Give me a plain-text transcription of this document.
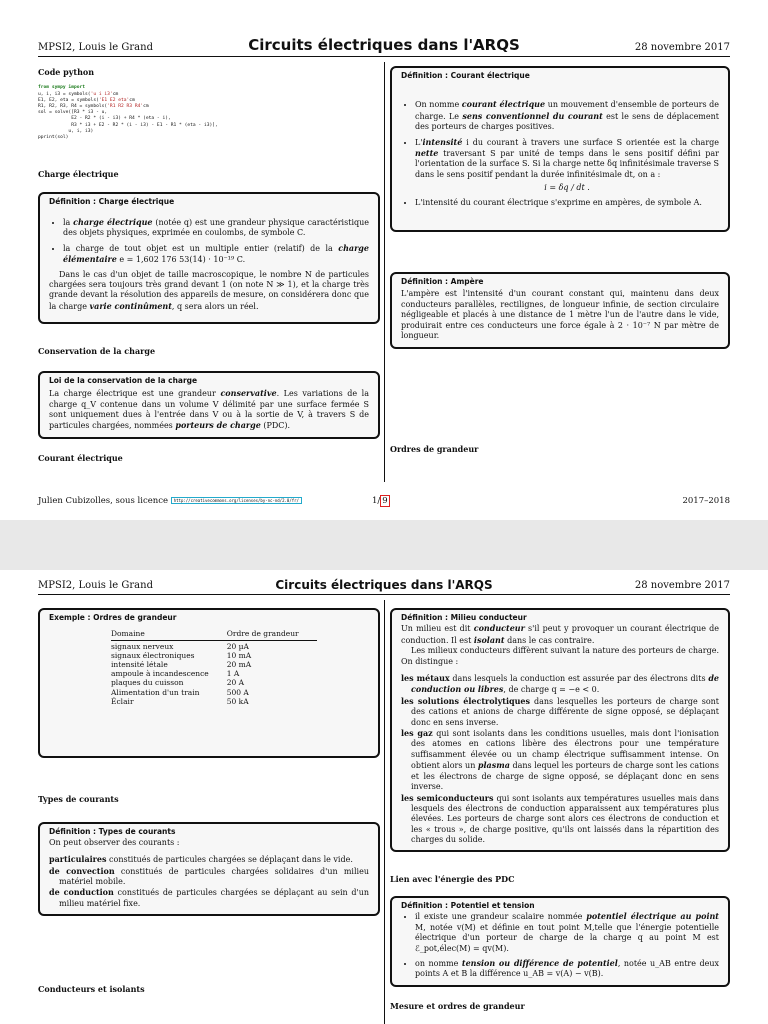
MPSI2, Louis le Grand	Circuits électriques dans l'ARQS	28 novembre 2017

Code python

from sympy import
u, i, i3 = symbols('u i i3'cm
E1, E2, eta = symbols('E1 E2 eta'cm
R1, R2, R3, R4 = symbols('R1 R2 R3 R4'cm
sol = solve([R3 * i3 - u,
E2 - R2 * (i - i3) + R4 * (eta - i),
R3 * i3 + E2 - R2 * (i - i3) - E1 - R1 * (eta - i3)],
u, i, i3)
pprint(sol)

Charge électrique

Définition : Charge électrique
• la charge électrique (notée q) est une grandeur physique caractéristique des objets physiques, exprimée en coulombs, de symbole C.
• la charge de tout objet est un multiple entier (relatif) de la charge élémentaire e = 1,602 176 53(14) · 10⁻¹⁹ C.

Dans le cas d'un objet de taille macroscopique, le nombre N de particules chargées sera toujours très grand devant 1 (on note N ≫ 1), et la charge très grande devant la résolution des appareils de mesure, on considérera donc que la charge varie continûment, q sera alors un réel.

Conservation de la charge

Loi de la conservation de la charge

La charge électrique est une grandeur conservative. Les variations de la charge q_V contenue dans un volume V délimité par une surface fermée S sont uniquement dues à l'entrée dans V ou à la sortie de V, à travers S de particules chargées, nommées porteurs de charge (PDC).

Courant électrique

Définition : Courant électrique
• On nomme courant électrique un mouvement d'ensemble de porteurs de charge. Le sens conventionnel du courant est le sens de déplacement des porteurs de charges positives.
• L'intensité i du courant à travers une surface S orientée est la charge nette traversant S par unité de temps dans le sens positif défini par l'orientation de la surface S. Si la charge nette δq infinitésimale traverse S dans le sens positif pendant la durée infinitésimale dt, on a :
i = δq / dt .
• L'intensité du courant électrique s'exprime en ampères, de symbole A.
Définition : Ampère

L'ampère est l'intensité d'un courant constant qui, maintenu dans deux conducteurs parallèles, rectilignes, de longueur infinie, de section circulaire négligeable et placés à une distance de 1 mètre l'un de l'autre dans le vide, produirait entre ces conducteurs une force égale à 2 · 10⁻⁷ N par mètre de longueur.

Ordres de grandeur

Julien Cubizolles, sous licence http://creativecommons.org/licenses/by-nc-nd/2.0/fr/	1/ 9	2017–2018
MPSI2, Louis le Grand	Circuits électriques dans l'ARQS	28 novembre 2017
Exemple : Ordres de grandeur
Domaine	Ordre de grandeur
signaux nerveux	20 µA
signaux électroniques	10 mA
intensité létale	20 mA
ampoule à incandescence	1 A
plaques du cuisson	20 A
Alimentation d'un train	500 A
Éclair	50 kA

Types de courants

Définition : Types de courants

On peut observer des courants :

particulaires constitués de particules chargées se déplaçant dans le vide.

de convection constitués de particules chargées solidaires d'un milieu matériel mobile.

de conduction constitués de particules chargées se déplaçant au sein d'un milieu matériel fixe.

Conducteurs et isolants

Définition : Milieu conducteur

Un milieu est dit conducteur s'il peut y provoquer un courant électrique de conduction. Il est isolant dans le cas contraire.

Les milieux conducteurs diffèrent suivant la nature des porteurs de charge. On distingue :

les métaux dans lesquels la conduction est assurée par des électrons dits de conduction ou libres, de charge q = −e < 0.

les solutions électrolytiques dans lesquelles les porteurs de charge sont des cations et anions de charge différente de signe opposé, se déplaçant donc en sens inverse.

les gaz qui sont isolants dans les conditions usuelles, mais dont l'ionisation des atomes en cations libère des électrons pour une température suffisamment élevée ou un champ électrique suffisamment intense. On obtient alors un plasma dans lequel les porteurs de charge sont les cations et les électrons de charge de signe opposé, se déplaçant donc en sens inverse.

les semiconducteurs qui sont isolants aux températures usuelles mais dans lesquels des électrons de conduction apparaissent aux températures plus élevées. Les porteurs de charge sont alors ces électrons de conduction et les « trous », de charge positive, qu'ils ont laissés dans la répartition des charges du solide.

Lien avec l'énergie des PDC

Définition : Potentiel et tension
• il existe une grandeur scalaire nommée potentiel électrique au point M, notée v(M) et définie en tout point M,telle que l'énergie potentielle électrique d'un porteur de charge de la charge q au point M est ℰ_pot,élec(M) = qv(M).
• on nomme tension ou différence de potentiel, notée u_AB entre deux points A et B la différence u_AB = v(A) − v(B).

Mesure et ordres de grandeur
